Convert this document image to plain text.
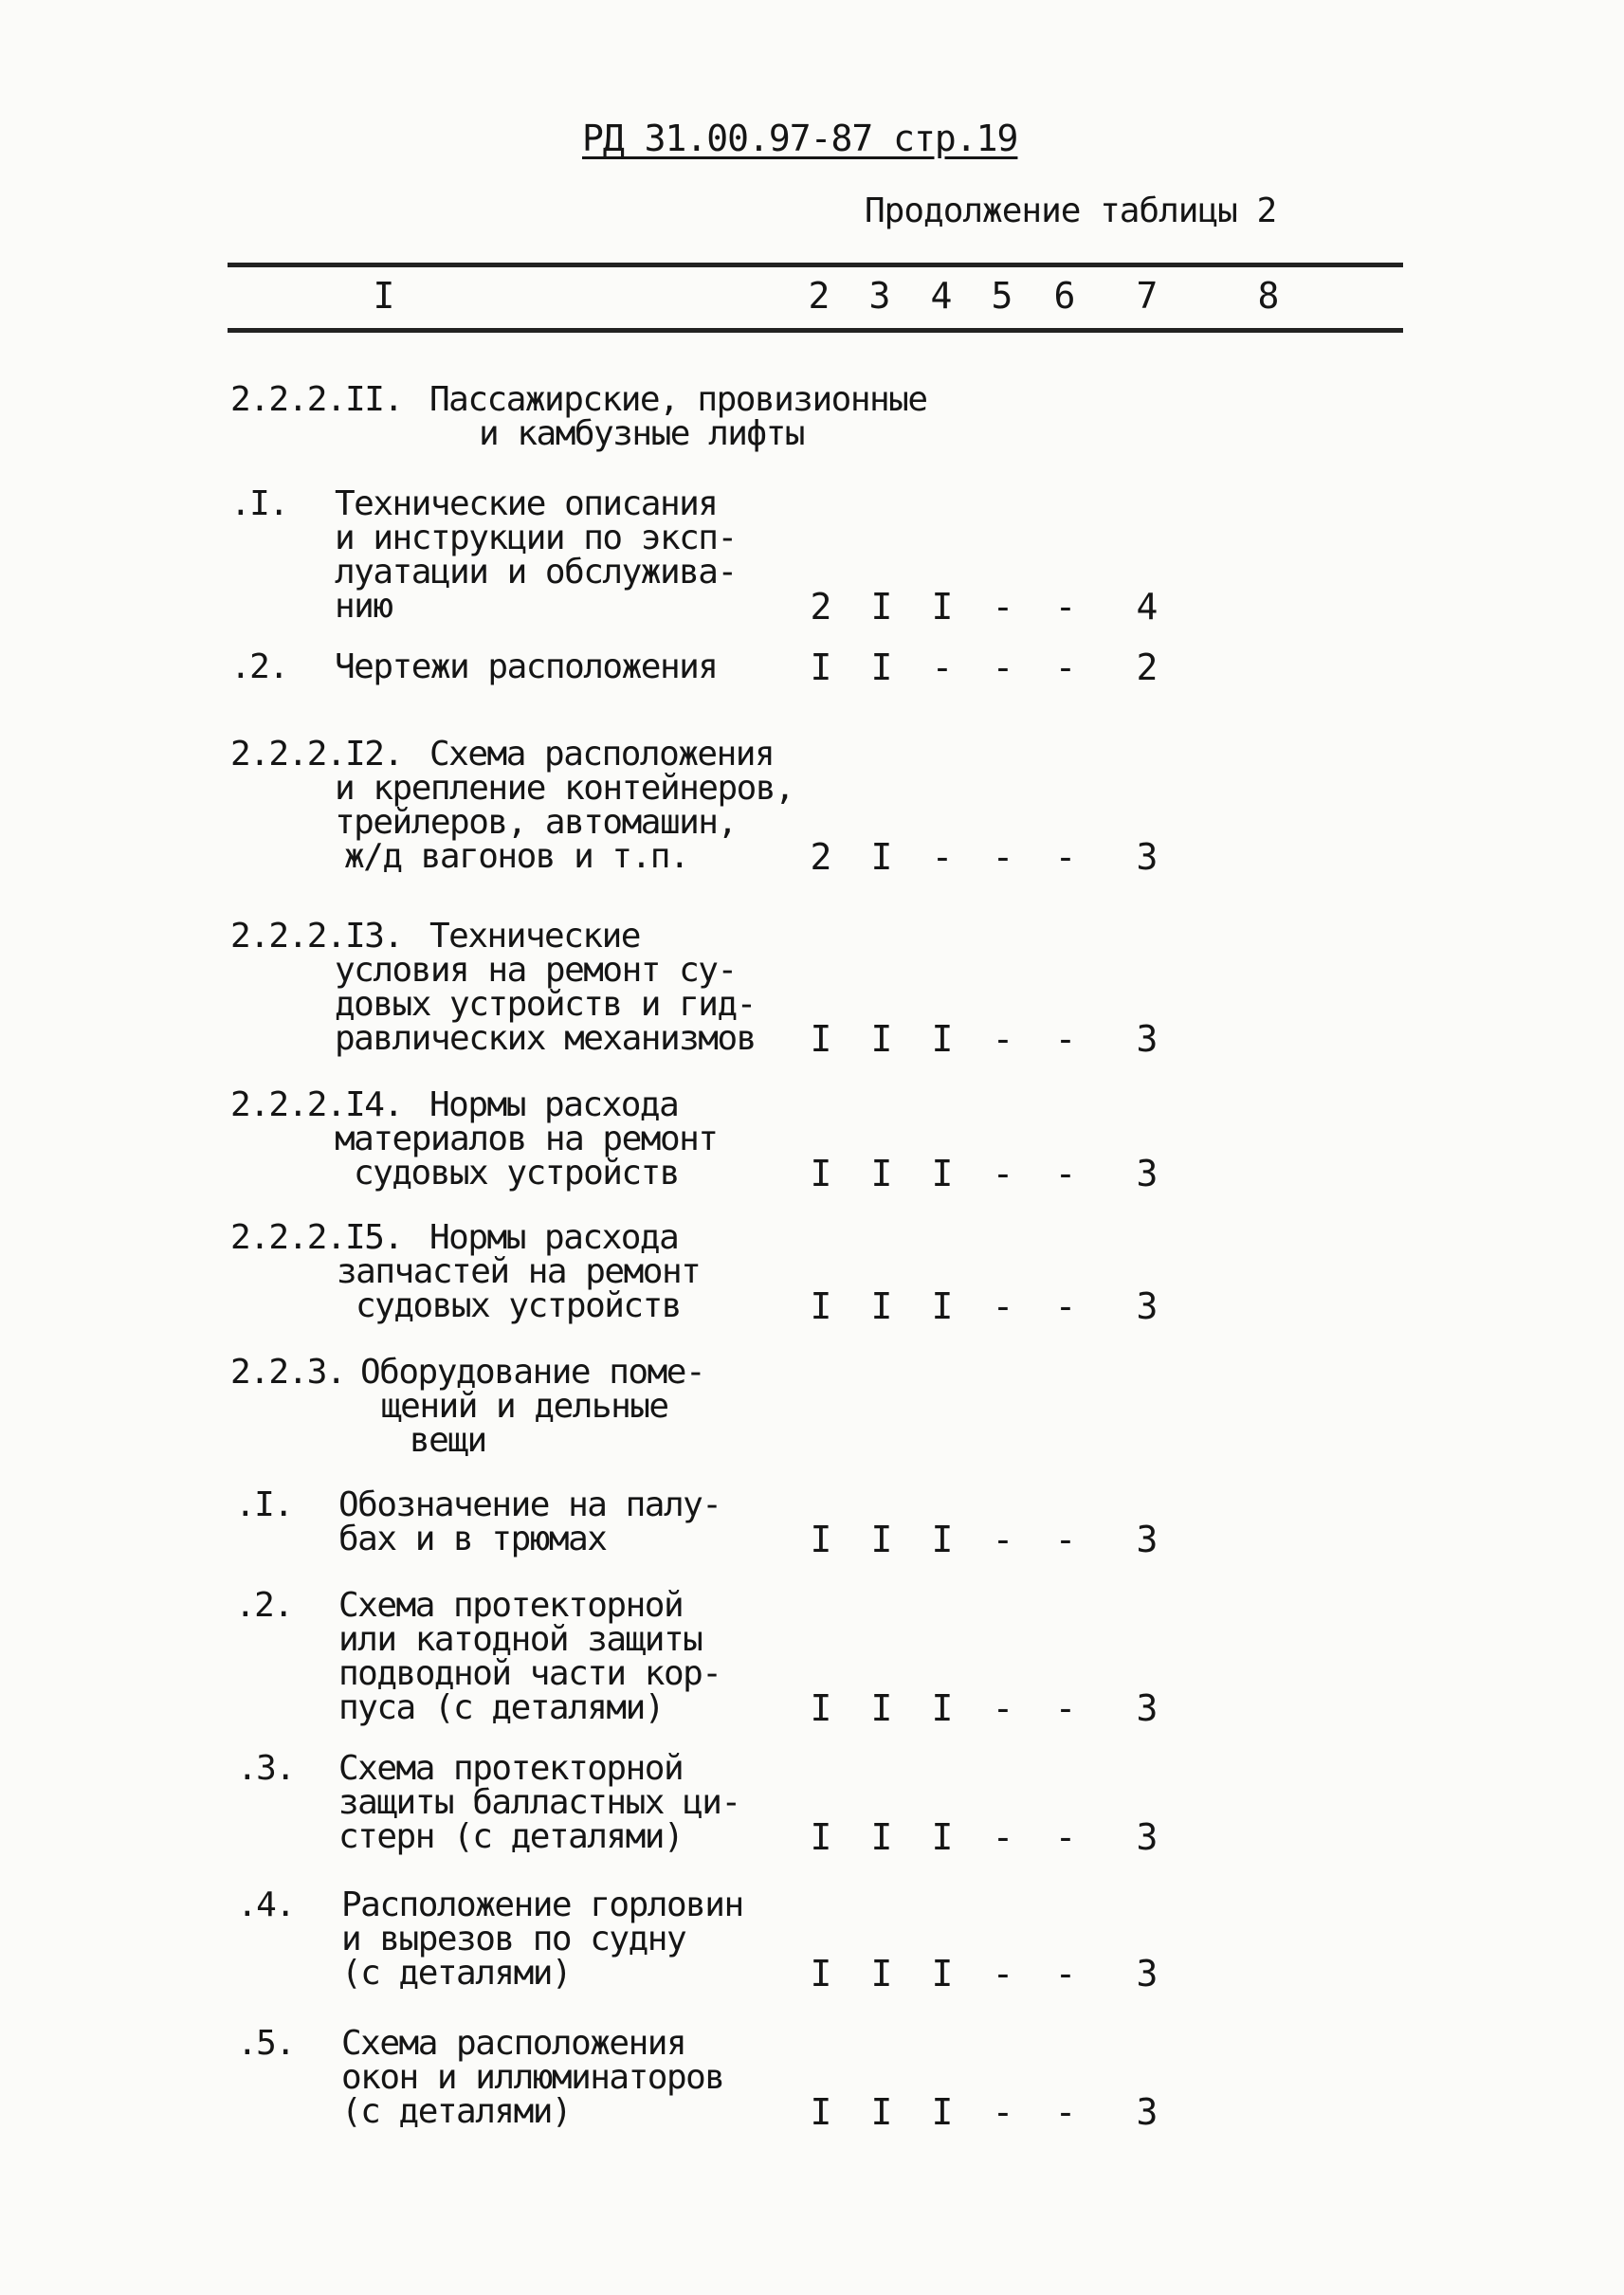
РД 31.00.97-87 стр.19
Продолжение таблицы 2
I	2 3 4 5 6 7	8
2.2.2.II. Пассажирские, провизионные
и камбузные лифты
.I. Технические описания
и инструкции по эксп-
луатации и обслужива-
нию	2 I I - - 4
.2. Чертежи расположения	I I - - - 2
2.2.2.I2. Схема расположения
и крепление контейнеров,
трейлеров, автомашин,
ж/д вагонов и т.п.	2 I - - - 3
2.2.2.I3. Технические
условия на ремонт су-
довых устройств и гид-
равлических механизмов I I I - - 3
2.2.2.I4. Нормы расхода
материалов на ремонт
судовых устройств	I I I - - 3
2.2.2.I5. Нормы расхода
запчастей на ремонт
судовых устройств	I I I - - 3
2.2.3. Оборудование поме-
щений и дельные
вещи
.I. Обозначение на палу-
бах и в трюмах	I I I - - 3
.2. Схема протекторной
или катодной защиты
подводной части кор-
пуса (с деталями)	I I I - - 3
.3. Схема протекторной
защиты балластных ци-
стерн (с деталями)	I I I - - 3
.4. Расположение горловин
и вырезов по судну
(с деталями)	I I I - - 3
.5. Схема расположения
окон и иллюминаторов
(с деталями)	I I I - - 3
